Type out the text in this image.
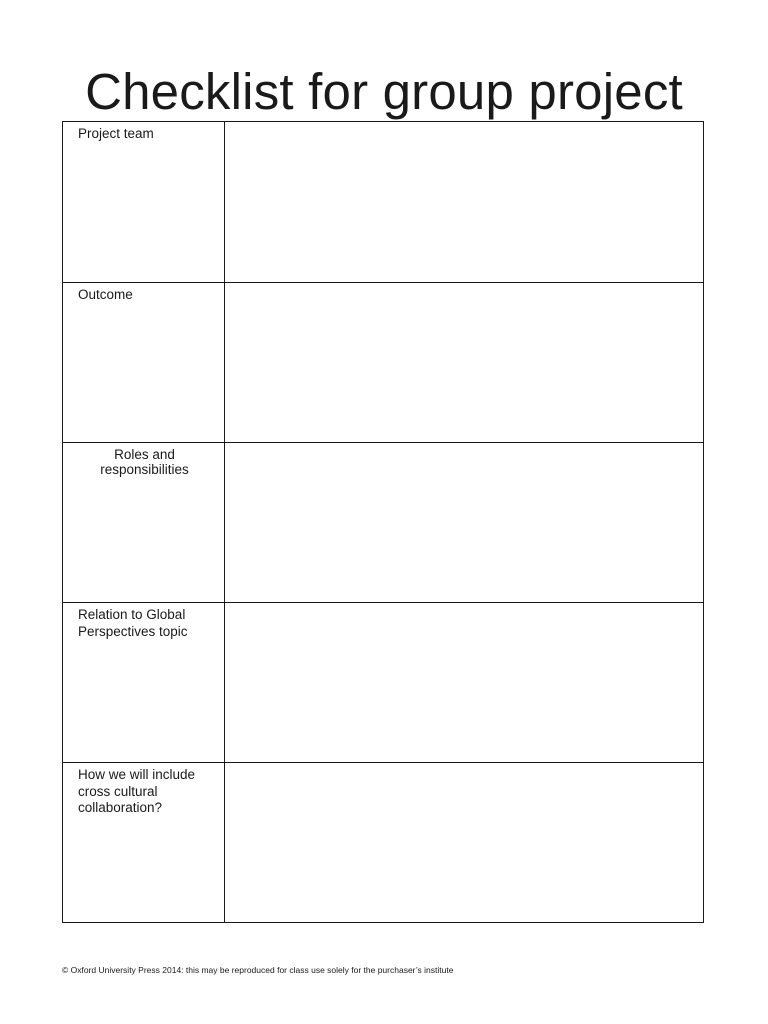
Checklist for group project
Project team
Outcome
Roles and responsibilities
Relation to Global Perspectives topic
How we will include cross cultural collaboration?
© Oxford University Press 2014: this may be reproduced for class use solely for the purchaser’s institute
